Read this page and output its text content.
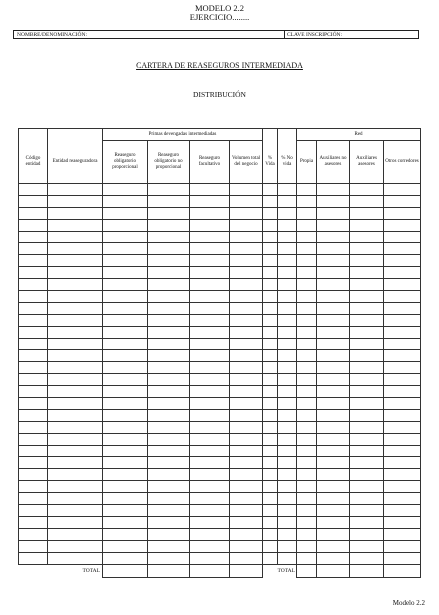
MODELO 2.2
EJERCICIO........
NOMBRE/DENOMINACIÓN:	CLAVE INSCRIPCIÓN:
CARTERA DE REASEGUROS INTERMEDIADA
DISTRIBUCIÓN
		Primas devengadas intermediadas						Red			
Código entidad	Entidad reaseguradora	Reaseguro obligatorio proporcional	Reaseguro obligatorio no proporcional	Reaseguro facultativo	Volumen total del negocio	% Vida	% No vida	Propia	Auxiliares no asesores	Auxiliares asesores	Otros corredores

	TOTAL						TOTAL				
Modelo 2.2
